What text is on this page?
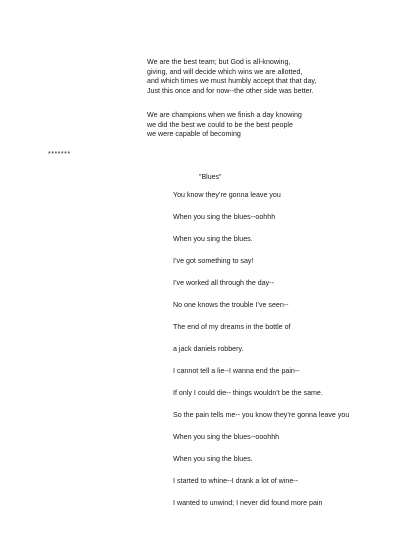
We are the best team; but God is all-knowing,
giving, and will decide which wins we are allotted,
and which times we must humbly accept that that day,
Just this once and for now--the other side was better.
We are champions when we finish a day knowing
we did the best we could to be the best people
we were capable of becoming
*******
"Blues"
You know they’re gonna leave you
When you sing the blues--oohhh
When you sing the blues.
I’ve got something to say!
I’ve worked all through the day--
No one knows the trouble I’ve seen--
The end of my dreams in the bottle of
a jack daniels robbery.
I cannot tell a lie--I wanna end the pain--
If only I could die-- things wouldn’t be the same.
So the pain tells me-- you know they’re gonna leave you
When you sing the blues--ooohhh
When you sing the blues.
I started to whine--I drank a lot of wine--
I wanted to unwind; I never did found more pain
